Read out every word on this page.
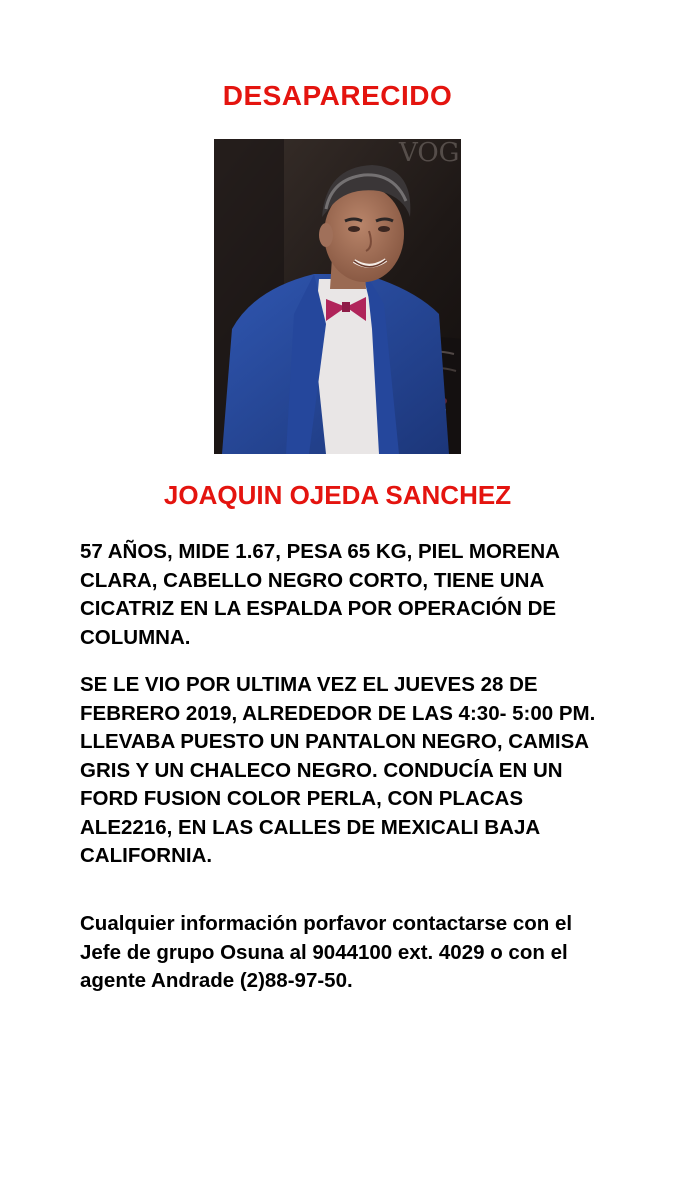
DESAPARECIDO
VOG
JOAQUIN OJEDA SANCHEZ

57 AÑOS, MIDE 1.67, PESA 65 KG, PIEL MORENA CLARA, CABELLO NEGRO CORTO, TIENE UNA CICATRIZ EN LA ESPALDA POR OPERACIÓN DE COLUMNA.

SE LE VIO POR ULTIMA VEZ EL JUEVES 28 DE FEBRERO 2019, ALREDEDOR DE LAS 4:30- 5:00 PM. LLEVABA PUESTO UN PANTALON NEGRO, CAMISA GRIS Y UN CHALECO NEGRO. CONDUCÍA EN UN FORD FUSION COLOR PERLA, CON PLACAS ALE2216, EN LAS CALLES DE MEXICALI BAJA CALIFORNIA.

Cualquier información porfavor contactarse con el Jefe de grupo Osuna al 9044100 ext. 4029 o con el agente Andrade (2)88-97-50.
